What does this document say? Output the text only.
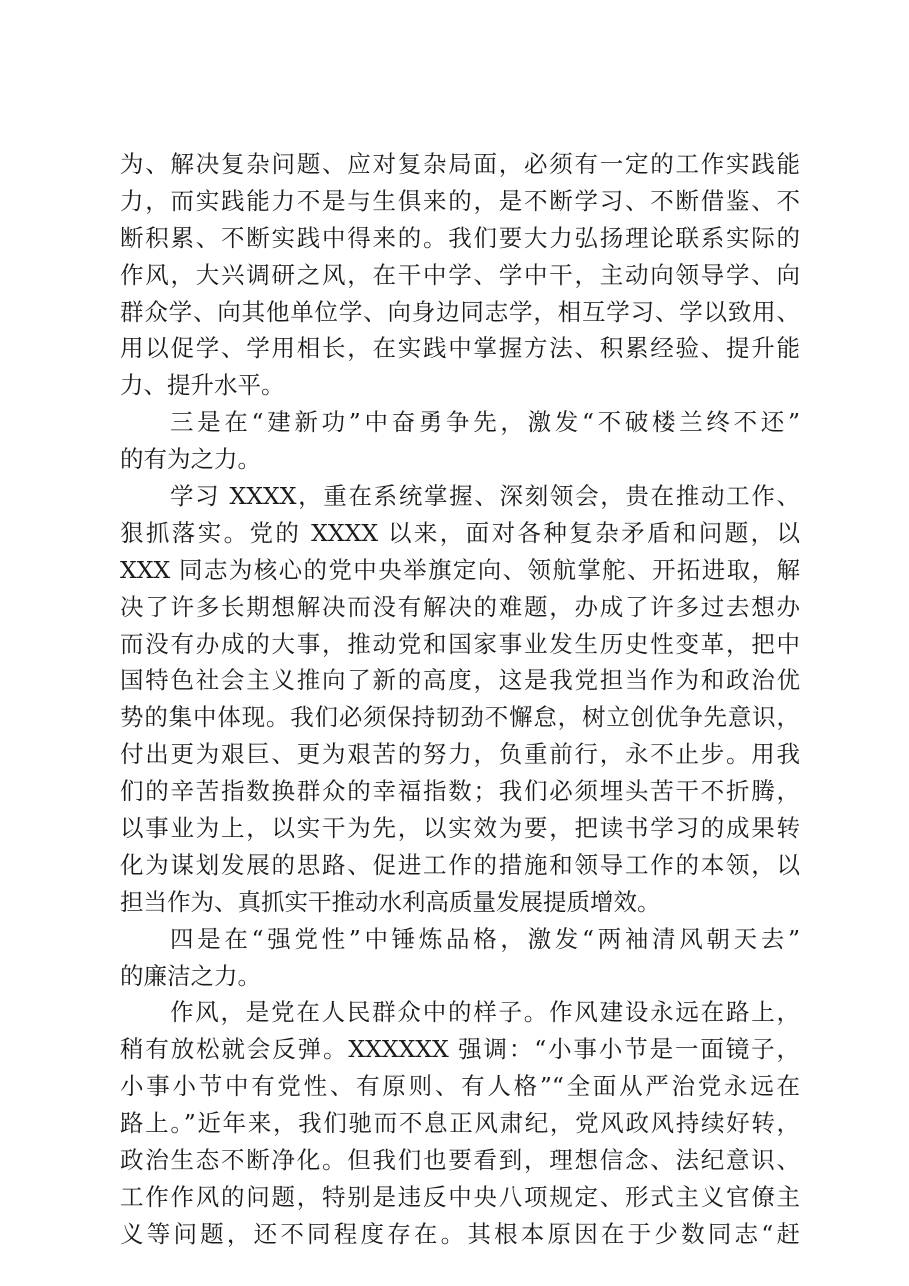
为、解决复杂问题、应对复杂局面，必须有一定的工作实践能
力，而实践能力不是与生俱来的，是不断学习、不断借鉴、不
断积累、不断实践中得来的。我们要大力弘扬理论联系实际的
作风，大兴调研之风，在干中学、学中干，主动向领导学、向
群众学、向其他单位学、向身边同志学，相互学习、学以致用、
用以促学、学用相长，在实践中掌握方法、积累经验、提升能
力、提升水平。
三是在“建新功”中奋勇争先，激发“不破楼兰终不还”
的有为之力。
学习 XXXX，重在系统掌握、深刻领会，贵在推动工作、
狠抓落实。党的 XXXX 以来，面对各种复杂矛盾和问题，以
XXX 同志为核心的党中央举旗定向、领航掌舵、开拓进取，解
决了许多长期想解决而没有解决的难题，办成了许多过去想办
而没有办成的大事，推动党和国家事业发生历史性变革，把中
国特色社会主义推向了新的高度，这是我党担当作为和政治优
势的集中体现。我们必须保持韧劲不懈怠，树立创优争先意识，
付出更为艰巨、更为艰苦的努力，负重前行，永不止步。用我
们的辛苦指数换群众的幸福指数；我们必须埋头苦干不折腾，
以事业为上，以实干为先，以实效为要，把读书学习的成果转
化为谋划发展的思路、促进工作的措施和领导工作的本领，以
担当作为、真抓实干推动水利高质量发展提质增效。
四是在“强党性”中锤炼品格，激发“两袖清风朝天去”
的廉洁之力。
作风，是党在人民群众中的样子。作风建设永远在路上，
稍有放松就会反弹。XXXXXX 强调：“小事小节是一面镜子，
小事小节中有党性、有原则、有人格”“全面从严治党永远在
路上。”近年来，我们驰而不息正风肃纪，党风政风持续好转，
政治生态不断净化。但我们也要看到，理想信念、法纪意识、
工作作风的问题，特别是违反中央八项规定、形式主义官僚主
义等问题，还不同程度存在。其根本原因在于少数同志“赶
